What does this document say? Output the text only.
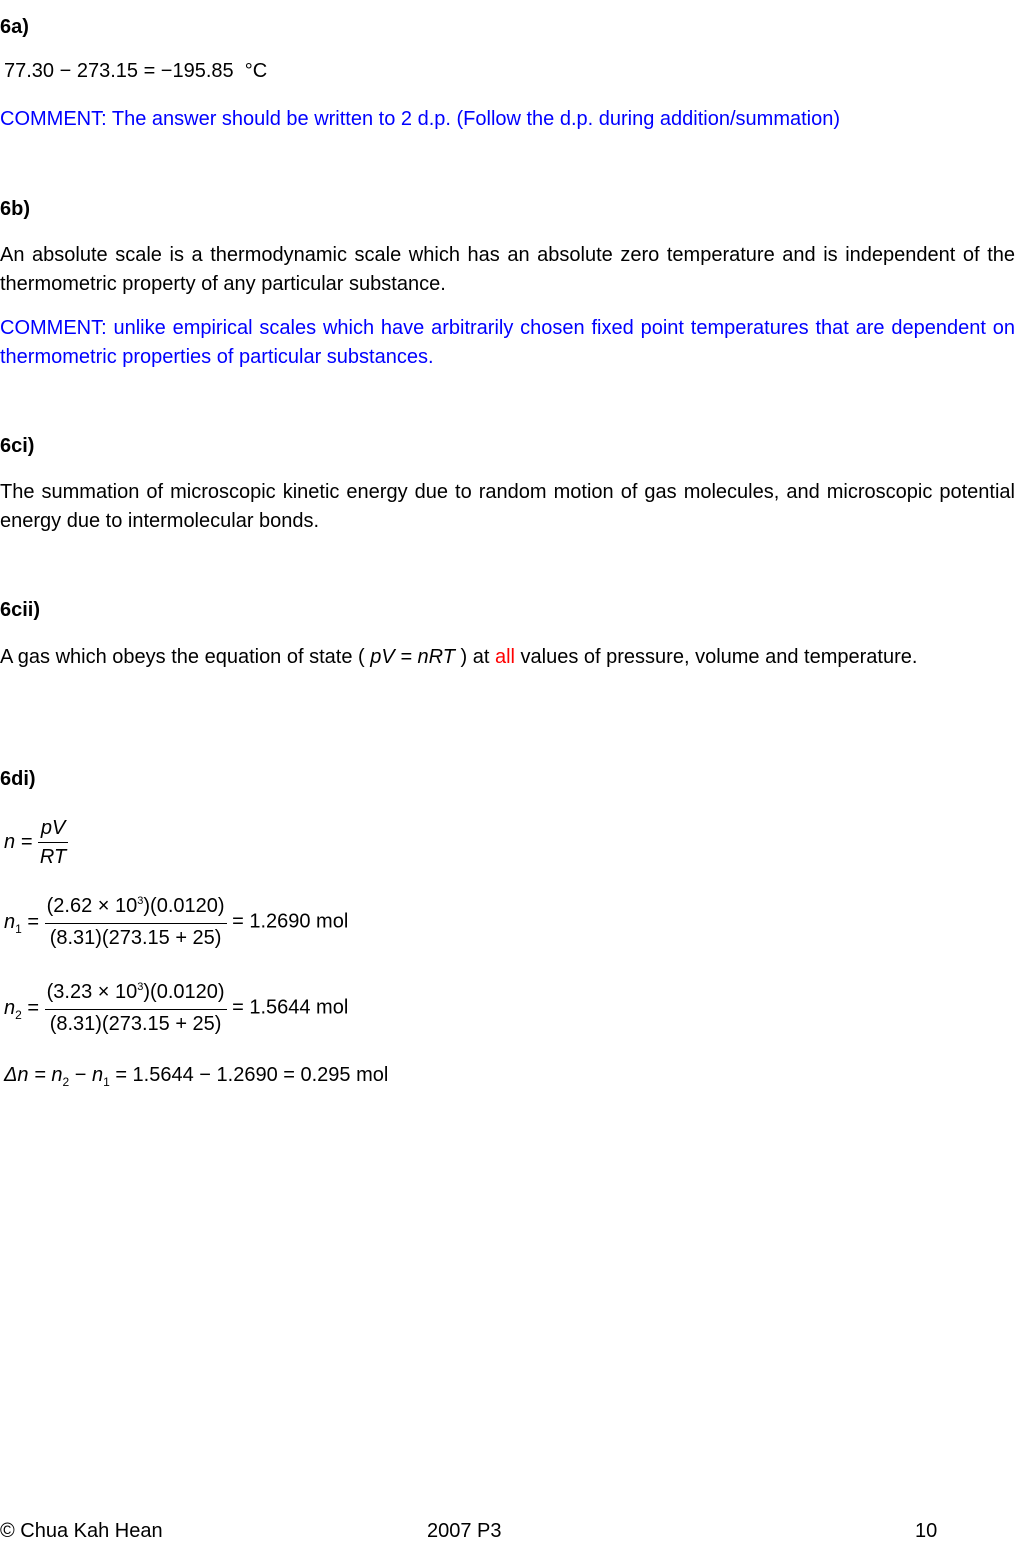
6a)
77.30 − 273.15 = −195.85 °C
COMMENT: The answer should be written to 2 d.p. (Follow the d.p. during addition/summation)
6b)
An absolute scale is a thermodynamic scale which has an absolute zero temperature and is independent of the thermometric property of any particular substance.
COMMENT: unlike empirical scales which have arbitrarily chosen fixed point temperatures that are dependent on thermometric properties of particular substances.
6ci)
The summation of microscopic kinetic energy due to random motion of gas molecules, and microscopic potential energy due to intermolecular bonds.
6cii)
A gas which obeys the equation of state ( pV = nRT ) at all values of pressure, volume and temperature.
6di)
$n = \frac{pV}{RT}$
$n_1 = \frac{(2.62 \times 10^3)(0.0120)}{(8.31)(273.15 + 25)} = 1.2690$ mol
$n_2 = \frac{(3.23 \times 10^3)(0.0120)}{(8.31)(273.15 + 25)} = 1.5644$ mol
$\Delta n = n_2 - n_1 = 1.5644 - 1.2690 = 0.295$ mol
© Chua Kah Hean	2007 P3	10
